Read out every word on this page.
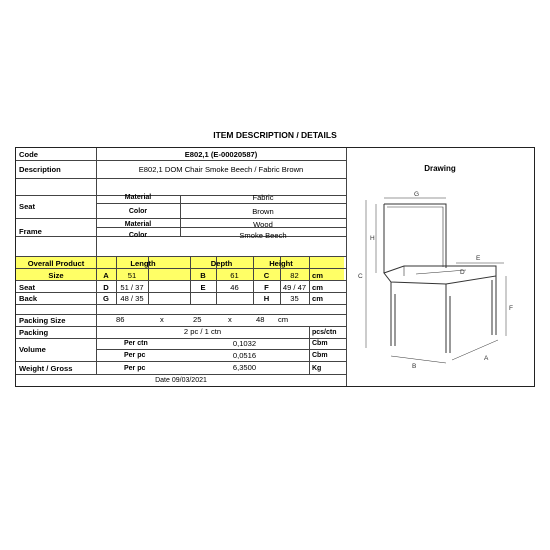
ITEM DESCRIPTION / DETAILS
Code	E802,1 (E-00020587)
Description	E802,1 DOM Chair Smoke Beech / Fabric Brown
Seat
Material	Fabric
Color	Brown
Frame
Material	Wood
Color	Smoke Beech
Overall Product
Size
Length	Depth	Height
A	51	B	61	C	82	cm
Seat	D	51 / 37	E	46	F	49 / 47 cm
Back	G	48 / 35	H	35	cm
Packing Size	86	x	25	x	48 cm
Packing	2 pc / 1 ctn	pcs/ctn
Volume
Per ctn	0,1032	Cbm
Per pc	0,0516	Cbm
Weight / Gross	Per pc	6,3500	Kg
Date 09/03/2021
Drawing
G
H
C
E
D
F
B
A
